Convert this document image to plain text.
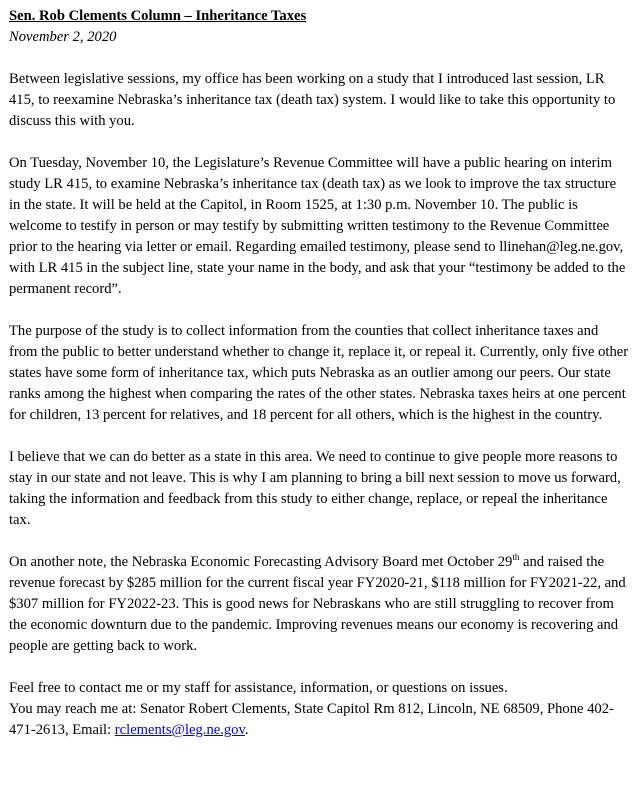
Sen. Rob Clements Column – Inheritance Taxes

November 2, 2020

Between legislative sessions, my office has been working on a study that I introduced last session, LR 415, to reexamine Nebraska’s inheritance tax (death tax) system. I would like to take this opportunity to discuss this with you.

On Tuesday, November 10, the Legislature’s Revenue Committee will have a public hearing on interim study LR 415, to examine Nebraska’s inheritance tax (death tax) as we look to improve the tax structure in the state. It will be held at the Capitol, in Room 1525, at 1:30 p.m. November 10. The public is welcome to testify in person or may testify by submitting written testimony to the Revenue Committee prior to the hearing via letter or email. Regarding emailed testimony, please send to llinehan@leg.ne.gov, with LR 415 in the subject line, state your name in the body, and ask that your “testimony be added to the permanent record”.

The purpose of the study is to collect information from the counties that collect inheritance taxes and from the public to better understand whether to change it, replace it, or repeal it. Currently, only five other states have some form of inheritance tax, which puts Nebraska as an outlier among our peers. Our state ranks among the highest when comparing the rates of the other states. Nebraska taxes heirs at one percent for children, 13 percent for relatives, and 18 percent for all others, which is the highest in the country.

I believe that we can do better as a state in this area. We need to continue to give people more reasons to stay in our state and not leave. This is why I am planning to bring a bill next session to move us forward, taking the information and feedback from this study to either change, replace, or repeal the inheritance tax.

On another note, the Nebraska Economic Forecasting Advisory Board met October 29th and raised the revenue forecast by $285 million for the current fiscal year FY2020-21, $118 million for FY2021-22, and $307 million for FY2022-23. This is good news for Nebraskans who are still struggling to recover from the economic downturn due to the pandemic. Improving revenues means our economy is recovering and people are getting back to work.

Feel free to contact me or my staff for assistance, information, or questions on issues.

You may reach me at: Senator Robert Clements, State Capitol Rm 812, Lincoln, NE 68509, Phone 402-471-2613, Email: rclements@leg.ne.gov.
